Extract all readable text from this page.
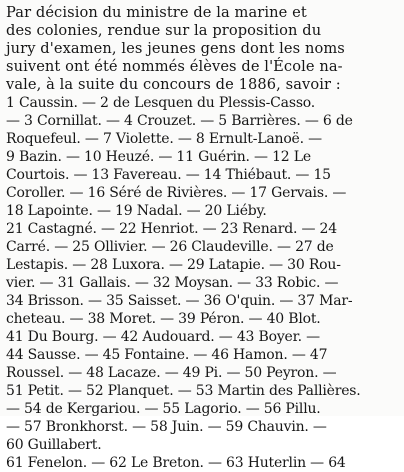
Par décision du ministre de la marine et
des colonies, rendue sur la proposition du
jury d'examen, les jeunes gens dont les noms
suivent ont été nommés élèves de l'École na-
vale, à la suite du concours de 1886, savoir :
1 Caussin. — 2 de Lesquen du Plessis-Casso.
— 3 Cornillat. — 4 Crouzet. — 5 Barrières. — 6 de
Roquefeul. — 7 Violette. — 8 Ernult-Lanoë. —
9 Bazin. — 10 Heuzé. — 11 Guérin. — 12 Le
Courtois. — 13 Favereau. — 14 Thiébaut. — 15
Coroller. — 16 Séré de Rivières. — 17 Gervais. —
18 Lapointe. — 19 Nadal. — 20 Liéby.
21 Castagné. — 22 Henriot. — 23 Renard. — 24
Carré. — 25 Ollivier. — 26 Claudeville. — 27 de
Lestapis. — 28 Luxora. — 29 Latapie. — 30 Rou-
vier. — 31 Gallais. — 32 Moysan. — 33 Robic. —
34 Brisson. — 35 Saisset. — 36 O'quin. — 37 Mar-
cheteau. — 38 Moret. — 39 Péron. — 40 Blot.
41 Du Bourg. — 42 Audouard. — 43 Boyer. —
44 Sausse. — 45 Fontaine. — 46 Hamon. — 47
Roussel. — 48 Lacaze. — 49 Pi. — 50 Peyron. —
51 Petit. — 52 Planquet. — 53 Martin des Pallières.
— 54 de Kergariou. — 55 Lagorio. — 56 Pillu.
— 57 Bronkhorst. — 58 Juin. — 59 Chauvin. —
60 Guillabert.
61 Fenelon. — 62 Le Breton. — 63 Huterlin — 64
